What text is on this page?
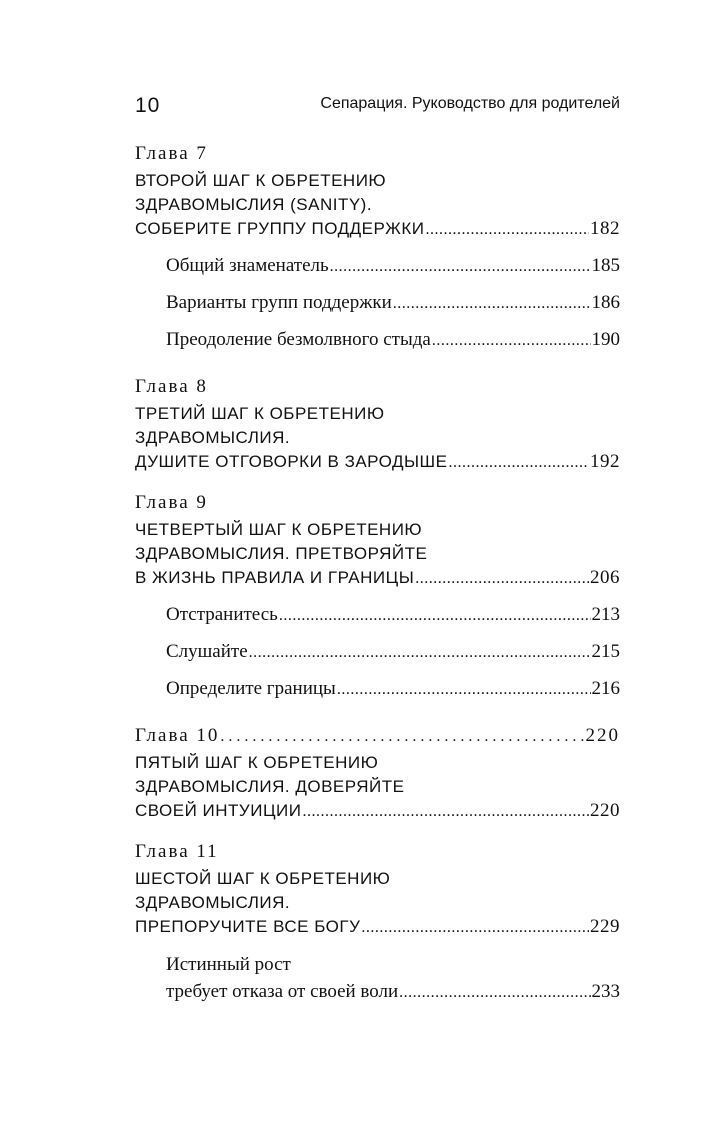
10	Сепарация. Руководство для родителей
Глава 7
ВТОРОЙ ШАГ К ОБРЕТЕНИЮ
ЗДРАВОМЫСЛИЯ (SANITY).
СОБЕРИТЕ ГРУППУ ПОДДЕРЖКИ .....	182
Общий знаменатель .....	185
Варианты групп поддержки .....	186
Преодоление безмолвного стыда .....	190
Глава 8
ТРЕТИЙ ШАГ К ОБРЕТЕНИЮ
ЗДРАВОМЫСЛИЯ.
ДУШИТЕ ОТГОВОРКИ В ЗАРОДЫШЕ .....	192
Глава 9
ЧЕТВЕРТЫЙ ШАГ К ОБРЕТЕНИЮ
ЗДРАВОМЫСЛИЯ. ПРЕТВОРЯЙТЕ
В ЖИЗНЬ ПРАВИЛА И ГРАНИЦЫ .....	206
Отстранитесь .....	213
Слушайте .....	215
Определите границы .....	216
Глава 10 .....	220
ПЯТЫЙ ШАГ К ОБРЕТЕНИЮ
ЗДРАВОМЫСЛИЯ. ДОВЕРЯЙТЕ
СВОЕЙ ИНТУИЦИИ .....	220
Глава 11
ШЕСТОЙ ШАГ К ОБРЕТЕНИЮ
ЗДРАВОМЫСЛИЯ.
ПРЕПОРУЧИТЕ ВСЕ БОГУ .....	229
Истинный рост
требует отказа от своей воли .....	233
